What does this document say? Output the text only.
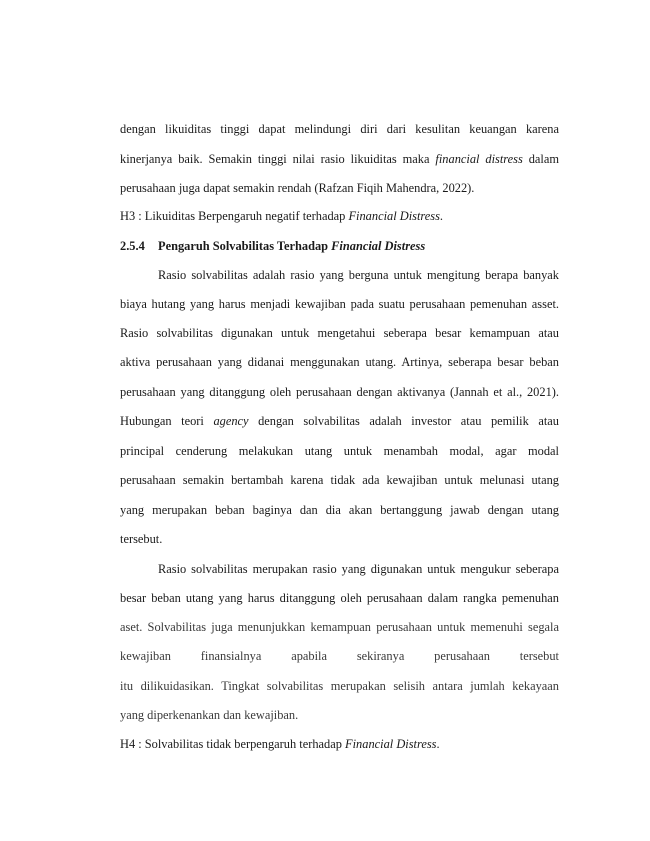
dengan likuiditas tinggi dapat melindungi diri dari kesulitan keuangan karena
kinerjanya baik. Semakin tinggi nilai rasio likuiditas maka financial distress dalam
perusahaan juga dapat semakin rendah (Rafzan Fiqih Mahendra, 2022).
H3 : Likuiditas Berpengaruh negatif terhadap Financial Distress.
2.5.4 Pengaruh Solvabilitas Terhadap Financial Distress
Rasio solvabilitas adalah rasio yang berguna untuk mengitung berapa banyak
biaya hutang yang harus menjadi kewajiban pada suatu perusahaan pemenuhan asset.
Rasio solvabilitas digunakan untuk mengetahui seberapa besar kemampuan atau
aktiva perusahaan yang didanai menggunakan utang. Artinya, seberapa besar beban
perusahaan yang ditanggung oleh perusahaan dengan aktivanya (Jannah et al., 2021).
Hubungan teori agency dengan solvabilitas adalah investor atau pemilik atau
principal cenderung melakukan utang untuk menambah modal, agar modal
perusahaan semakin bertambah karena tidak ada kewajiban untuk melunasi utang
yang merupakan beban baginya dan dia akan bertanggung jawab dengan utang
tersebut.
Rasio solvabilitas merupakan rasio yang digunakan untuk mengukur seberapa
besar beban utang yang harus ditanggung oleh perusahaan dalam rangka pemenuhan
aset. Solvabilitas juga menunjukkan kemampuan perusahaan untuk memenuhi segala
kewajiban finansialnya apabila sekiranya perusahaan tersebut
itu dilikuidasikan. Tingkat solvabilitas merupakan selisih antara jumlah kekayaan
yang diperkenankan dan kewajiban.
H4 : Solvabilitas tidak berpengaruh terhadap Financial Distress.
